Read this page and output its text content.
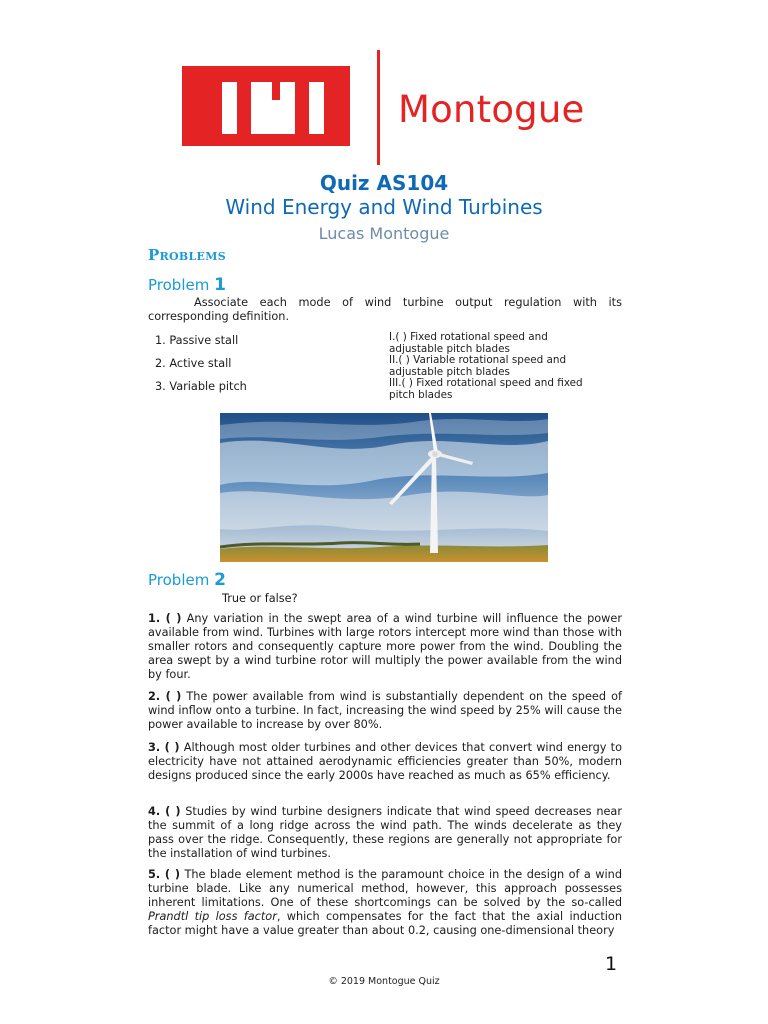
Montogue
Quiz AS104
Wind Energy and Wind Turbines
Lucas Montogue
Problems
Problem 1
Associate each mode of wind turbine output regulation with its corresponding definition.
1. Passive stall
2. Active stall
3. Variable pitch
I.( ) Fixed rotational speed and adjustable pitch blades
II.( ) Variable rotational speed and adjustable pitch blades
III.( ) Fixed rotational speed and fixed pitch blades
Problem 2
True or false?
1. ( ) Any variation in the swept area of a wind turbine will influence the power available from wind. Turbines with large rotors intercept more wind than those with smaller rotors and consequently capture more power from the wind. Doubling the area swept by a wind turbine rotor will multiply the power available from the wind by four.
2. ( ) The power available from wind is substantially dependent on the speed of wind inflow onto a turbine. In fact, increasing the wind speed by 25% will cause the power available to increase by over 80%.
3. ( ) Although most older turbines and other devices that convert wind energy to electricity have not attained aerodynamic efficiencies greater than 50%, modern designs produced since the early 2000s have reached as much as 65% efficiency.
4. ( ) Studies by wind turbine designers indicate that wind speed decreases near the summit of a long ridge across the wind path. The winds decelerate as they pass over the ridge. Consequently, these regions are generally not appropriate for the installation of wind turbines.
5. ( ) The blade element method is the paramount choice in the design of a wind turbine blade. Like any numerical method, however, this approach possesses inherent limitations. One of these shortcomings can be solved by the so-called Prandtl tip loss factor, which compensates for the fact that the axial induction factor might have a value greater than about 0.2, causing one-dimensional theory
1
© 2019 Montogue Quiz
